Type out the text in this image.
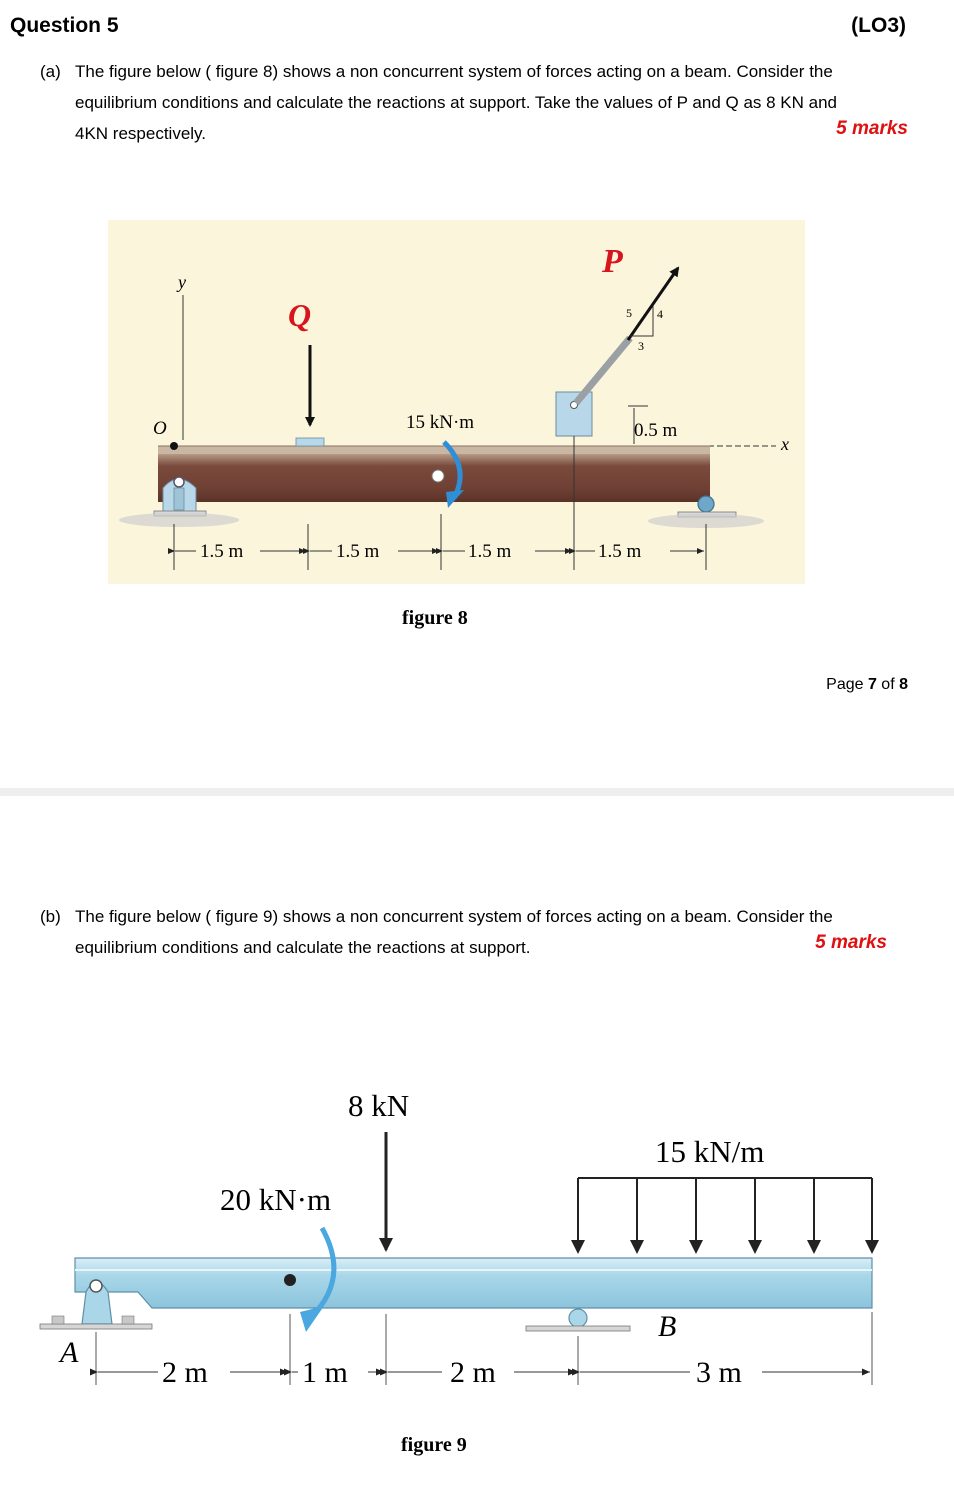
Question 5	(LO3)
(a) The figure below ( figure 8) shows a non concurrent system of forces acting on a beam. Consider the
equilibrium conditions and calculate the reactions at support. Take the values of P and Q as 8 KN and
4KN respectively.	5 marks
y
x
O
Q
15 kN·m
P
5 4
3
0.5 m
1.5 m	1.5 m	1.5 m	1.5 m
figure 8
Page 7 of 8
(b) The figure below ( figure 9) shows a non concurrent system of forces acting on a beam. Consider the
equilibrium conditions and calculate the reactions at support.	5 marks
A
B
8 kN
20 kN·m
15 kN/m
2 m	1 m	2 m	3 m
figure 9
